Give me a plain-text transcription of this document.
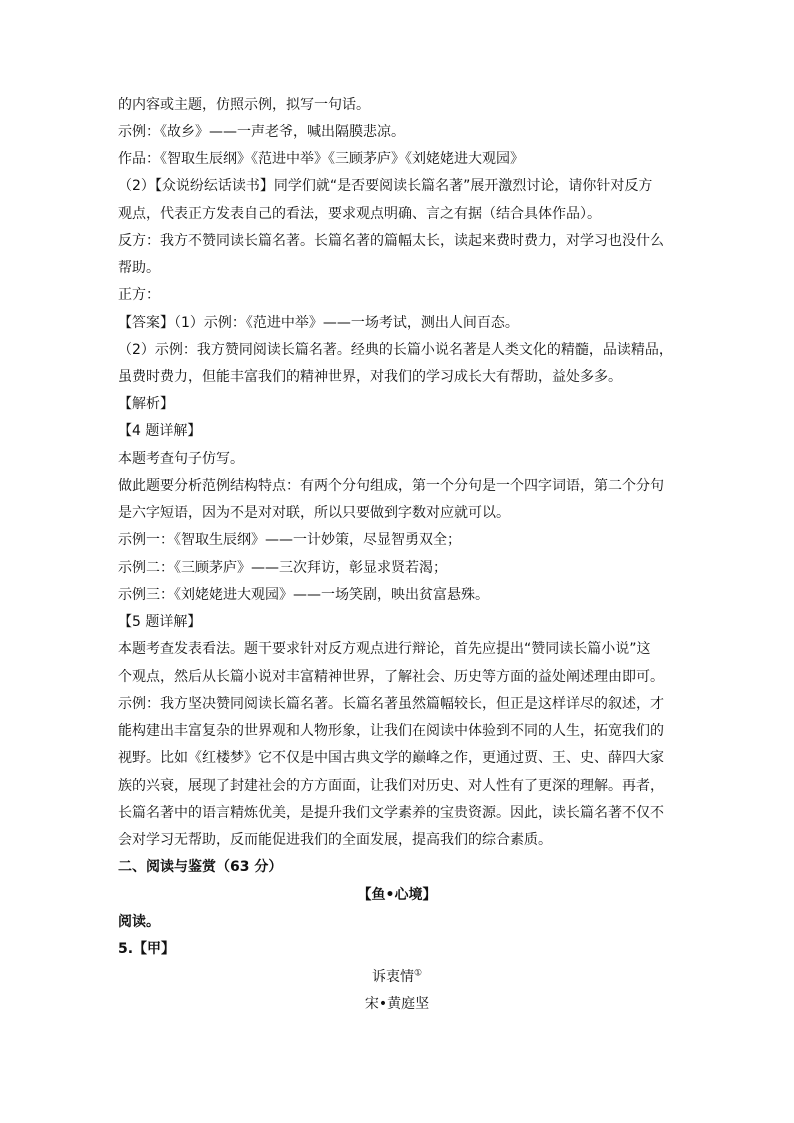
的内容或主题，仿照示例，拟写一句话。
示例：《故乡》——一声老爷，喊出隔膜悲凉。
作品：《智取生辰纲》《范进中举》《三顾茅庐》《刘姥姥进大观园》
（2）【众说纷纭话读书】同学们就“是否要阅读长篇名著”展开激烈讨论，请你针对反方
观点，代表正方发表自己的看法，要求观点明确、言之有据（结合具体作品）。
反方：我方不赞同读长篇名著。长篇名著的篇幅太长，读起来费时费力，对学习也没什么
帮助。
正方：
【答案】（1）示例：《范进中举》——一场考试，测出人间百态。
（2）示例：我方赞同阅读长篇名著。经典的长篇小说名著是人类文化的精髓，品读精品，
虽费时费力，但能丰富我们的精神世界，对我们的学习成长大有帮助，益处多多。
【解析】
【4 题详解】
本题考查句子仿写。
做此题要分析范例结构特点：有两个分句组成，第一个分句是一个四字词语，第二个分句
是六字短语，因为不是对对联，所以只要做到字数对应就可以。
示例一：《智取生辰纲》——一计妙策，尽显智勇双全；
示例二：《三顾茅庐》——三次拜访，彰显求贤若渴；
示例三：《刘姥姥进大观园》——一场笑剧，映出贫富悬殊。
【5 题详解】
本题考查发表看法。题干要求针对反方观点进行辩论，首先应提出“赞同读长篇小说”这
个观点，然后从长篇小说对丰富精神世界，了解社会、历史等方面的益处阐述理由即可。
示例：我方坚决赞同阅读长篇名著。长篇名著虽然篇幅较长，但正是这样详尽的叙述，才
能构建出丰富复杂的世界观和人物形象，让我们在阅读中体验到不同的人生，拓宽我们的
视野。比如《红楼梦》它不仅是中国古典文学的巅峰之作，更通过贾、王、史、薛四大家
族的兴衰，展现了封建社会的方方面面，让我们对历史、对人性有了更深的理解。再者，
长篇名著中的语言精炼优美，是提升我们文学素养的宝贵资源。因此，读长篇名著不仅不
会对学习无帮助，反而能促进我们的全面发展，提高我们的综合素质。
二、阅读与鉴赏（63 分）
【鱼•心境】
阅读。
5.【甲】
诉衷情①
宋•黄庭坚
